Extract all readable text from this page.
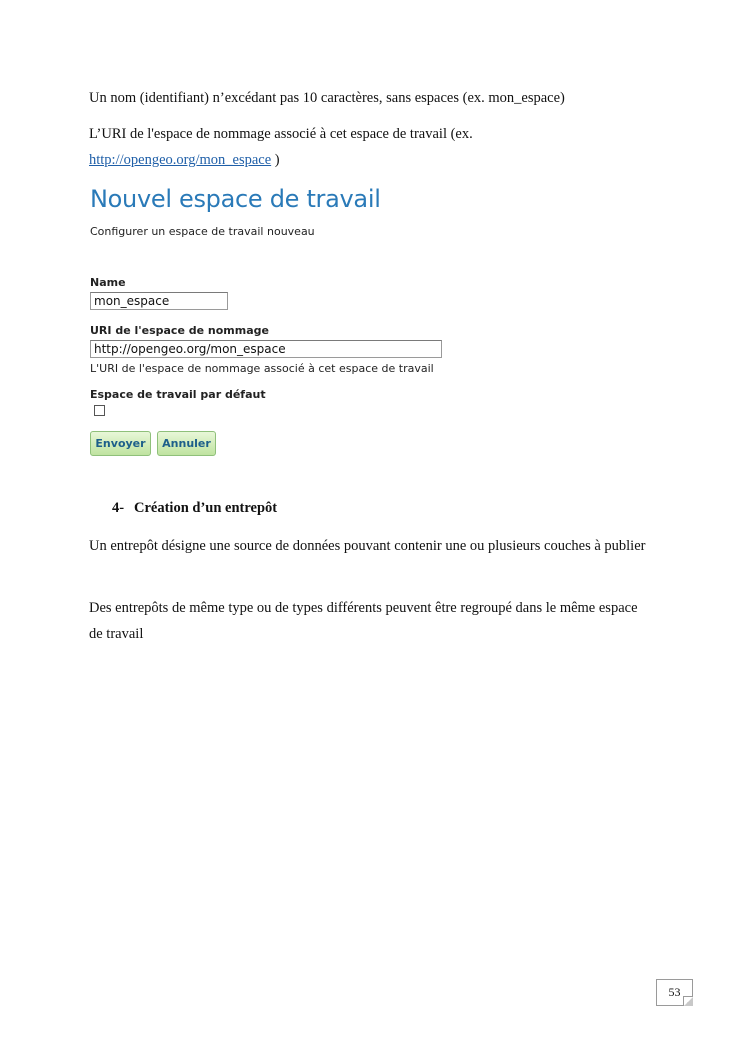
Un nom (identifiant) n’excédant pas 10 caractères, sans espaces (ex. mon_espace)

L’URI de l'espace de nommage associé à cet espace de travail (ex.
http://opengeo.org/mon_espace )

Nouvel espace de travail
Configurer un espace de travail nouveau
Name
mon_espace
URI de l'espace de nommage
http://opengeo.org/mon_espace
L'URI de l'espace de nommage associé à cet espace de travail
Espace de travail par défaut
Envoyer	Annuler
4- Création d’un entrepôt

Un entrepôt désigne une source de données pouvant contenir une ou plusieurs couches à publier

Des entrepôts de même type ou de types différents peuvent être regroupé dans le même espace de travail

53
